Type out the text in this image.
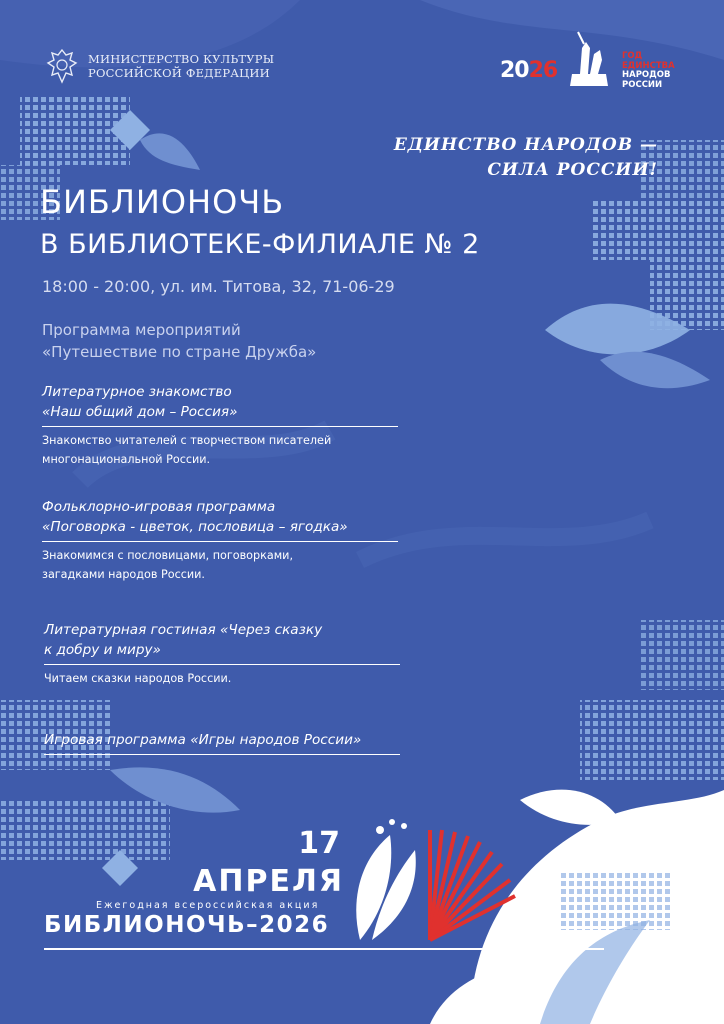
МИНИСТЕРСТВО КУЛЬТУРЫ
РОССИЙСКОЙ ФЕДЕРАЦИИ	2026
ГОД
ЕДИНСТВА
НАРОДОВ
РОССИИ
ЕДИНСТВО НАРОДОВ —
СИЛА РОССИИ!
БИБЛИОНОЧЬ
В БИБЛИОТЕКЕ-ФИЛИАЛЕ № 2
18:00 - 20:00, ул. им. Титова, 32, 71-06-29
Программа мероприятий
«Путешествие по стране Дружба»
Литературное знакомство
«Наш общий дом – Россия»
Знакомство читателей с творчеством писателей
многонациональной России.
Фольклорно-игровая программа
«Поговорка - цветок, пословица – ягодка»
Знакомимся с пословицами, поговорками,
загадками народов России.
Литературная гостиная «Через сказку
к добру и миру»
Читаем сказки народов России.
Игровая программа «Игры народов России»
17
АПРЕЛЯ
Ежегодная всероссийская акция
БИБЛИОНОЧЬ–2026
